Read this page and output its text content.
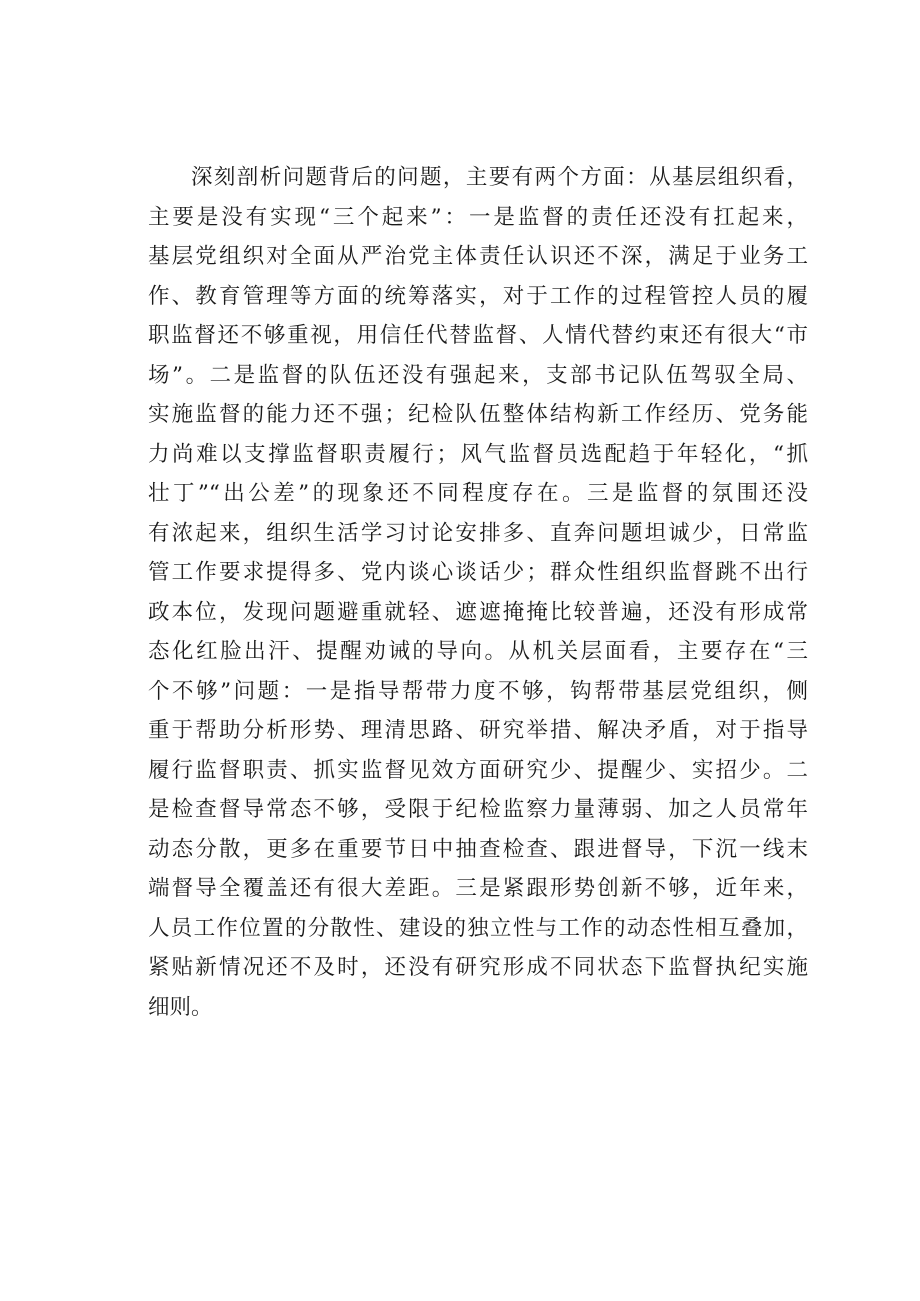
深刻剖析问题背后的问题，主要有两个方面：从基层组织看，
主要是没有实现“三个起来”：一是监督的责任还没有扛起来，
基层党组织对全面从严治党主体责任认识还不深，满足于业务工
作、教育管理等方面的统筹落实，对于工作的过程管控人员的履
职监督还不够重视，用信任代替监督、人情代替约束还有很大“市
场”。二是监督的队伍还没有强起来，支部书记队伍驾驭全局、
实施监督的能力还不强；纪检队伍整体结构新工作经历、党务能
力尚难以支撑监督职责履行；风气监督员选配趋于年轻化，“抓
壮丁”“出公差”的现象还不同程度存在。三是监督的氛围还没
有浓起来，组织生活学习讨论安排多、直奔问题坦诚少，日常监
管工作要求提得多、党内谈心谈话少；群众性组织监督跳不出行
政本位，发现问题避重就轻、遮遮掩掩比较普遍，还没有形成常
态化红脸出汗、提醒劝诫的导向。从机关层面看，主要存在“三
个不够”问题：一是指导帮带力度不够，钩帮带基层党组织，侧
重于帮助分析形势、理清思路、研究举措、解决矛盾，对于指导
履行监督职责、抓实监督见效方面研究少、提醒少、实招少。二
是检查督导常态不够，受限于纪检监察力量薄弱、加之人员常年
动态分散，更多在重要节日中抽查检查、跟进督导，下沉一线末
端督导全覆盖还有很大差距。三是紧跟形势创新不够，近年来，
人员工作位置的分散性、建设的独立性与工作的动态性相互叠加，
紧贴新情况还不及时，还没有研究形成不同状态下监督执纪实施
细则。
